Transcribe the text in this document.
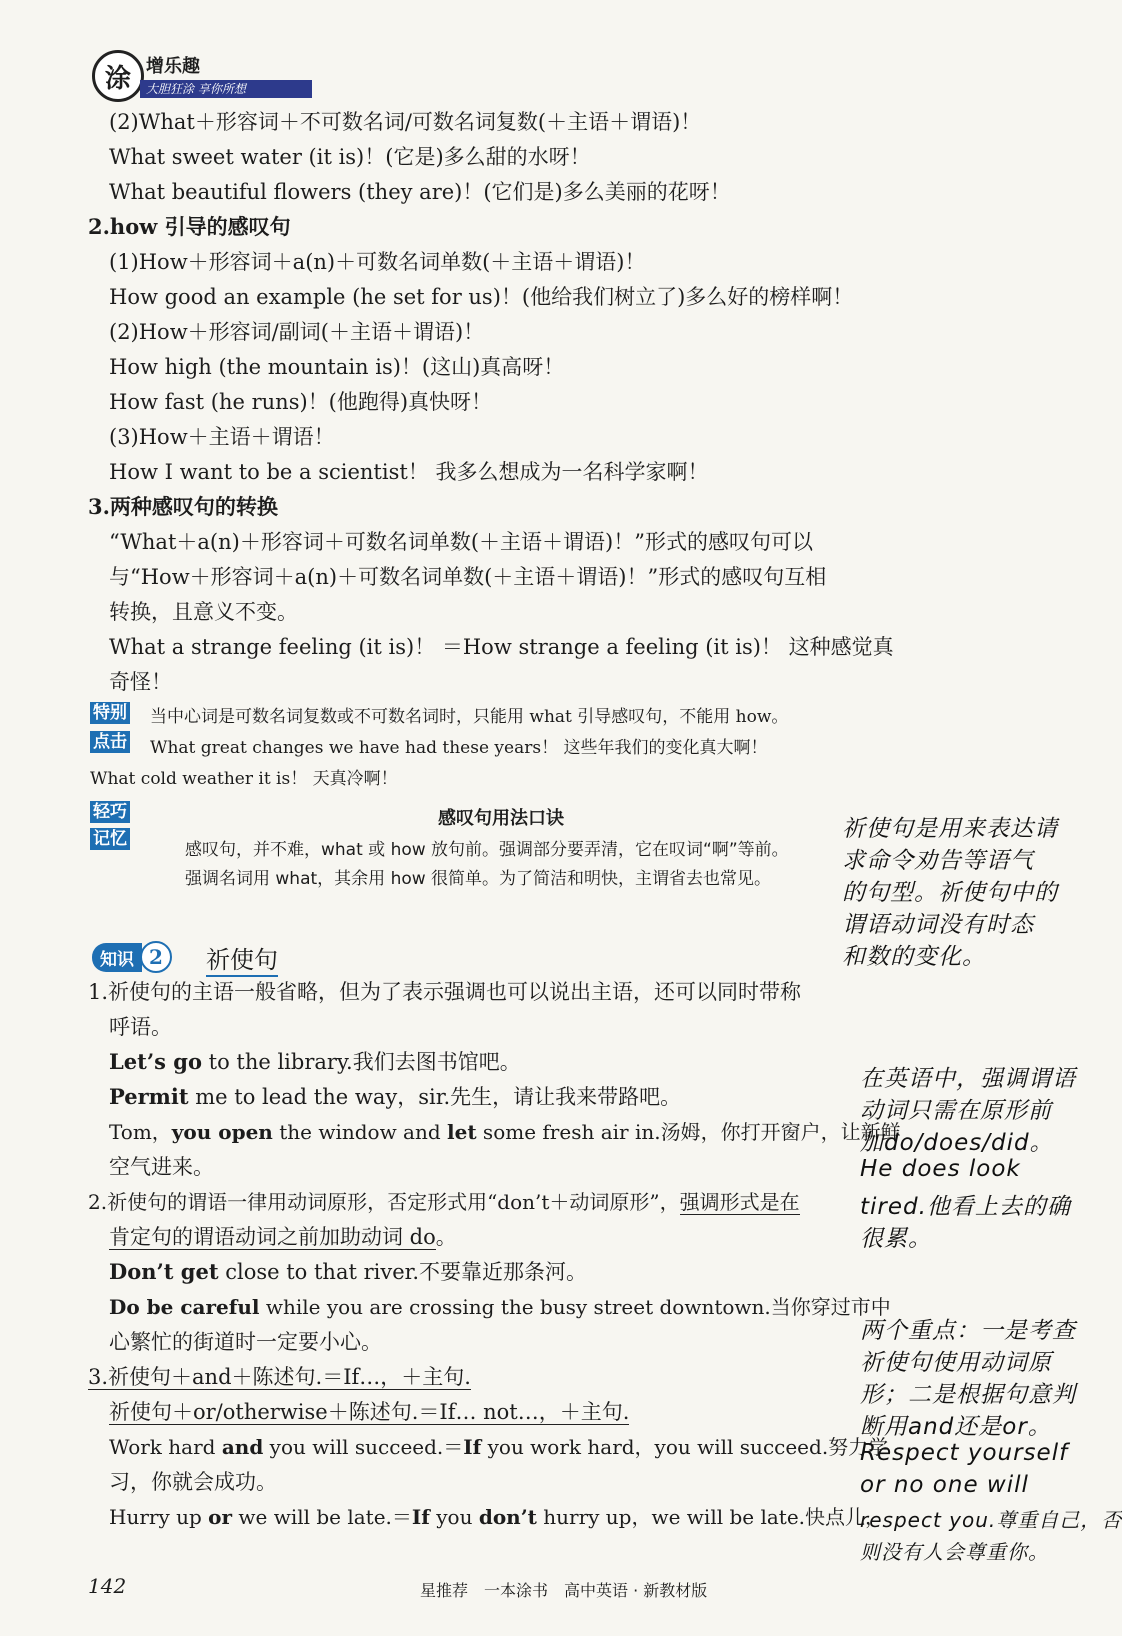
涂 增乐趣
大胆狂涂 享你所想
(2)What＋形容词＋不可数名词/可数名词复数(＋主语＋谓语)！
What sweet water (it is)！(它是)多么甜的水呀！
What beautiful flowers (they are)！(它们是)多么美丽的花呀！
2.how 引导的感叹句
(1)How＋形容词＋a(n)＋可数名词单数(＋主语＋谓语)！
How good an example (he set for us)！(他给我们树立了)多么好的榜样啊！
(2)How＋形容词/副词(＋主语＋谓语)！
How high (the mountain is)！(这山)真高呀！
How fast (he runs)！(他跑得)真快呀！
(3)How＋主语＋谓语！
How I want to be a scientist！ 我多么想成为一名科学家啊！
3.两种感叹句的转换
“What＋a(n)＋形容词＋可数名词单数(＋主语＋谓语)！”形式的感叹句可以
与“How＋形容词＋a(n)＋可数名词单数(＋主语＋谓语)！”形式的感叹句互相
转换，且意义不变。
What a strange feeling (it is)！ ＝How strange a feeling (it is)！ 这种感觉真
奇怪！
特别
点击
当中心词是可数名词复数或不可数名词时，只能用 what 引导感叹句，不能用 how。
What great changes we have had these years！ 这些年我们的变化真大啊！
What cold weather it is！ 天真冷啊！
轻巧
记忆
感叹句用法口诀
感叹句，并不难，what 或 how 放句前。强调部分要弄清，它在叹词“啊”等前。
强调名词用 what，其余用 how 很简单。为了简洁和明快，主谓省去也常见。
知识 2	祈使句
1.祈使句的主语一般省略，但为了表示强调也可以说出主语，还可以同时带称
呼语。
Let’s go to the library.我们去图书馆吧。
Permit me to lead the way，sir.先生，请让我来带路吧。
Tom，you open the window and let some fresh air in.汤姆，你打开窗户，让新鲜
空气进来。
2.祈使句的谓语一律用动词原形，否定形式用“don’t＋动词原形”，强调形式是在
肯定句的谓语动词之前加助动词 do。
Don’t get close to that river.不要靠近那条河。
Do be careful while you are crossing the busy street downtown.当你穿过市中
心繁忙的街道时一定要小心。
3.祈使句＋and＋陈述句.＝If…，＋主句.
祈使句＋or/otherwise＋陈述句.＝If… not…，＋主句.
Work hard and you will succeed.＝If you work hard，you will succeed.努力学
习，你就会成功。
Hurry up or we will be late.＝If you don’t hurry up，we will be late.快点儿，
祈使句是用来表达请
求命令劝告等语气
的句型。祈使句中的
谓语动词没有时态
和数的变化。
在英语中，强调谓语
动词只需在原形前
加do/does/did。
He does look
tired.他看上去的确
很累。
两个重点：一是考查
祈使句使用动词原
形；二是根据句意判
断用and还是or。
Respect yourself
or no one will
respect you.尊重自己，否
则没有人会尊重你。
142	星推荐　一本涂书　高中英语 · 新教材版
